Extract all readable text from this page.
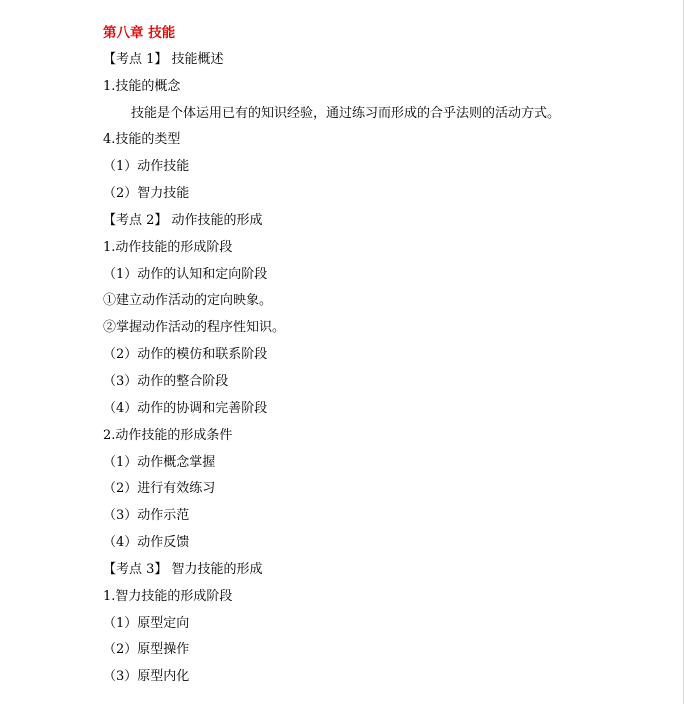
第八章 技能
【考点 1】 技能概述
1.技能的概念
技能是个体运用已有的知识经验，通过练习而形成的合乎法则的活动方式。
4.技能的类型
（1）动作技能
（2）智力技能
【考点 2】 动作技能的形成
1.动作技能的形成阶段
（1）动作的认知和定向阶段
①建立动作活动的定向映象。
②掌握动作活动的程序性知识。
（2）动作的模仿和联系阶段
（3）动作的整合阶段
（4）动作的协调和完善阶段
2.动作技能的形成条件
（1）动作概念掌握
（2）进行有效练习
（3）动作示范
（4）动作反馈
【考点 3】 智力技能的形成
1.智力技能的形成阶段
（1）原型定向
（2）原型操作
（3）原型内化
